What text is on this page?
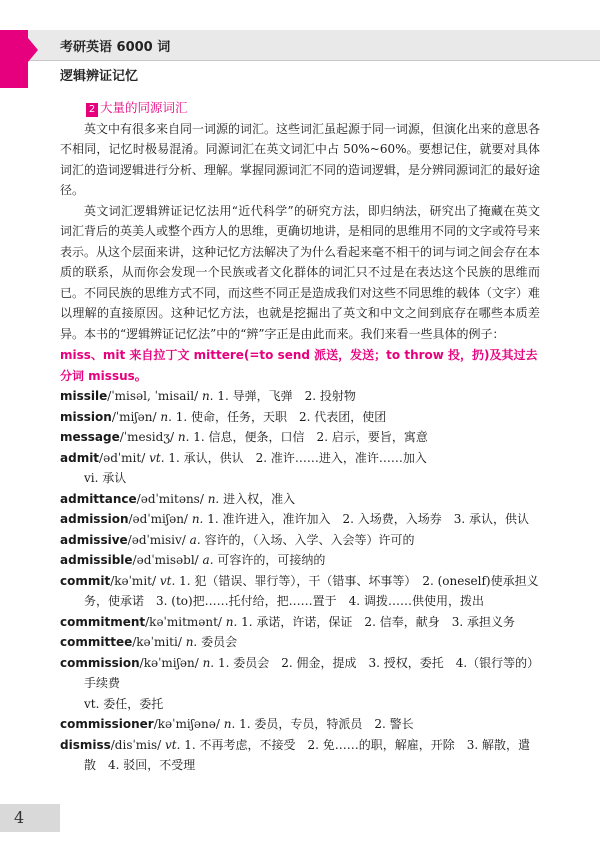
考研英语 6000 词
逻辑辨证记忆
2 大量的同源词汇

英文中有很多来自同一词源的词汇。这些词汇虽起源于同一词源，但演化出来的意思各不相同，记忆时极易混淆。同源词汇在英文词汇中占 50%~60%。要想记住，就要对具体词汇的造词逻辑进行分析、理解。掌握同源词汇不同的造词逻辑，是分辨同源词汇的最好途径。

英文词汇逻辑辨证记忆法用“近代科学”的研究方法，即归纳法，研究出了掩藏在英文词汇背后的英美人或整个西方人的思维，更确切地讲，是相同的思维用不同的文字或符号来表示。从这个层面来讲，这种记忆方法解决了为什么看起来毫不相干的词与词之间会存在本质的联系，从而你会发现一个民族或者文化群体的词汇只不过是在表达这个民族的思维而已。不同民族的思维方式不同，而这些不同正是造成我们对这些不同思维的载体（文字）难以理解的直接原因。这种记忆方法，也就是挖掘出了英文和中文之间到底存在哪些本质差异。本书的“逻辑辨证记忆法”中的“辨”字正是由此而来。我们来看一些具体的例子：

miss、mit 来自拉丁文 mittere(=to send 派送，发送；to throw 投，扔)及其过去分词 missus。

missile/ˈmisəl, ˈmisail/ n. 1. 导弹，飞弹　2. 投射物

mission/ˈmiʃən/ n. 1. 使命，任务，天职　2. 代表团，使团

message/ˈmesidʒ/ n. 1. 信息，便条，口信　2. 启示，要旨，寓意

admit/ədˈmit/ vt. 1. 承认，供认　2. 准许……进入，准许……加入

vi. 承认

admittance/ədˈmitəns/ n. 进入权，准入

admission/ədˈmiʃən/ n. 1. 准许进入，准许加入　2. 入场费，入场券　3. 承认，供认

admissive/ədˈmisiv/ a. 容许的，（入场、入学、入会等）许可的

admissible/ədˈmisəbl/ a. 可容许的，可接纳的

commit/kəˈmit/ vt. 1. 犯（错误、罪行等），干（错事、坏事等）　2. (oneself)使承担义务，使承诺　3. (to)把……托付给，把……置于　4. 调拨……供使用，拨出

commitment/kəˈmitmənt/ n. 1. 承诺，许诺，保证　2. 信奉，献身　3. 承担义务

committee/kəˈmiti/ n. 委员会

commission/kəˈmiʃən/ n. 1. 委员会　2. 佣金，提成　3. 授权，委托　4.（银行等的）手续费

vt. 委任，委托

commissioner/kəˈmiʃənə/ n. 1. 委员，专员，特派员　2. 警长

dismiss/disˈmis/ vt. 1. 不再考虑，不接受　2. 免……的职，解雇，开除　3. 解散，遣散　4. 驳回，不受理

4
